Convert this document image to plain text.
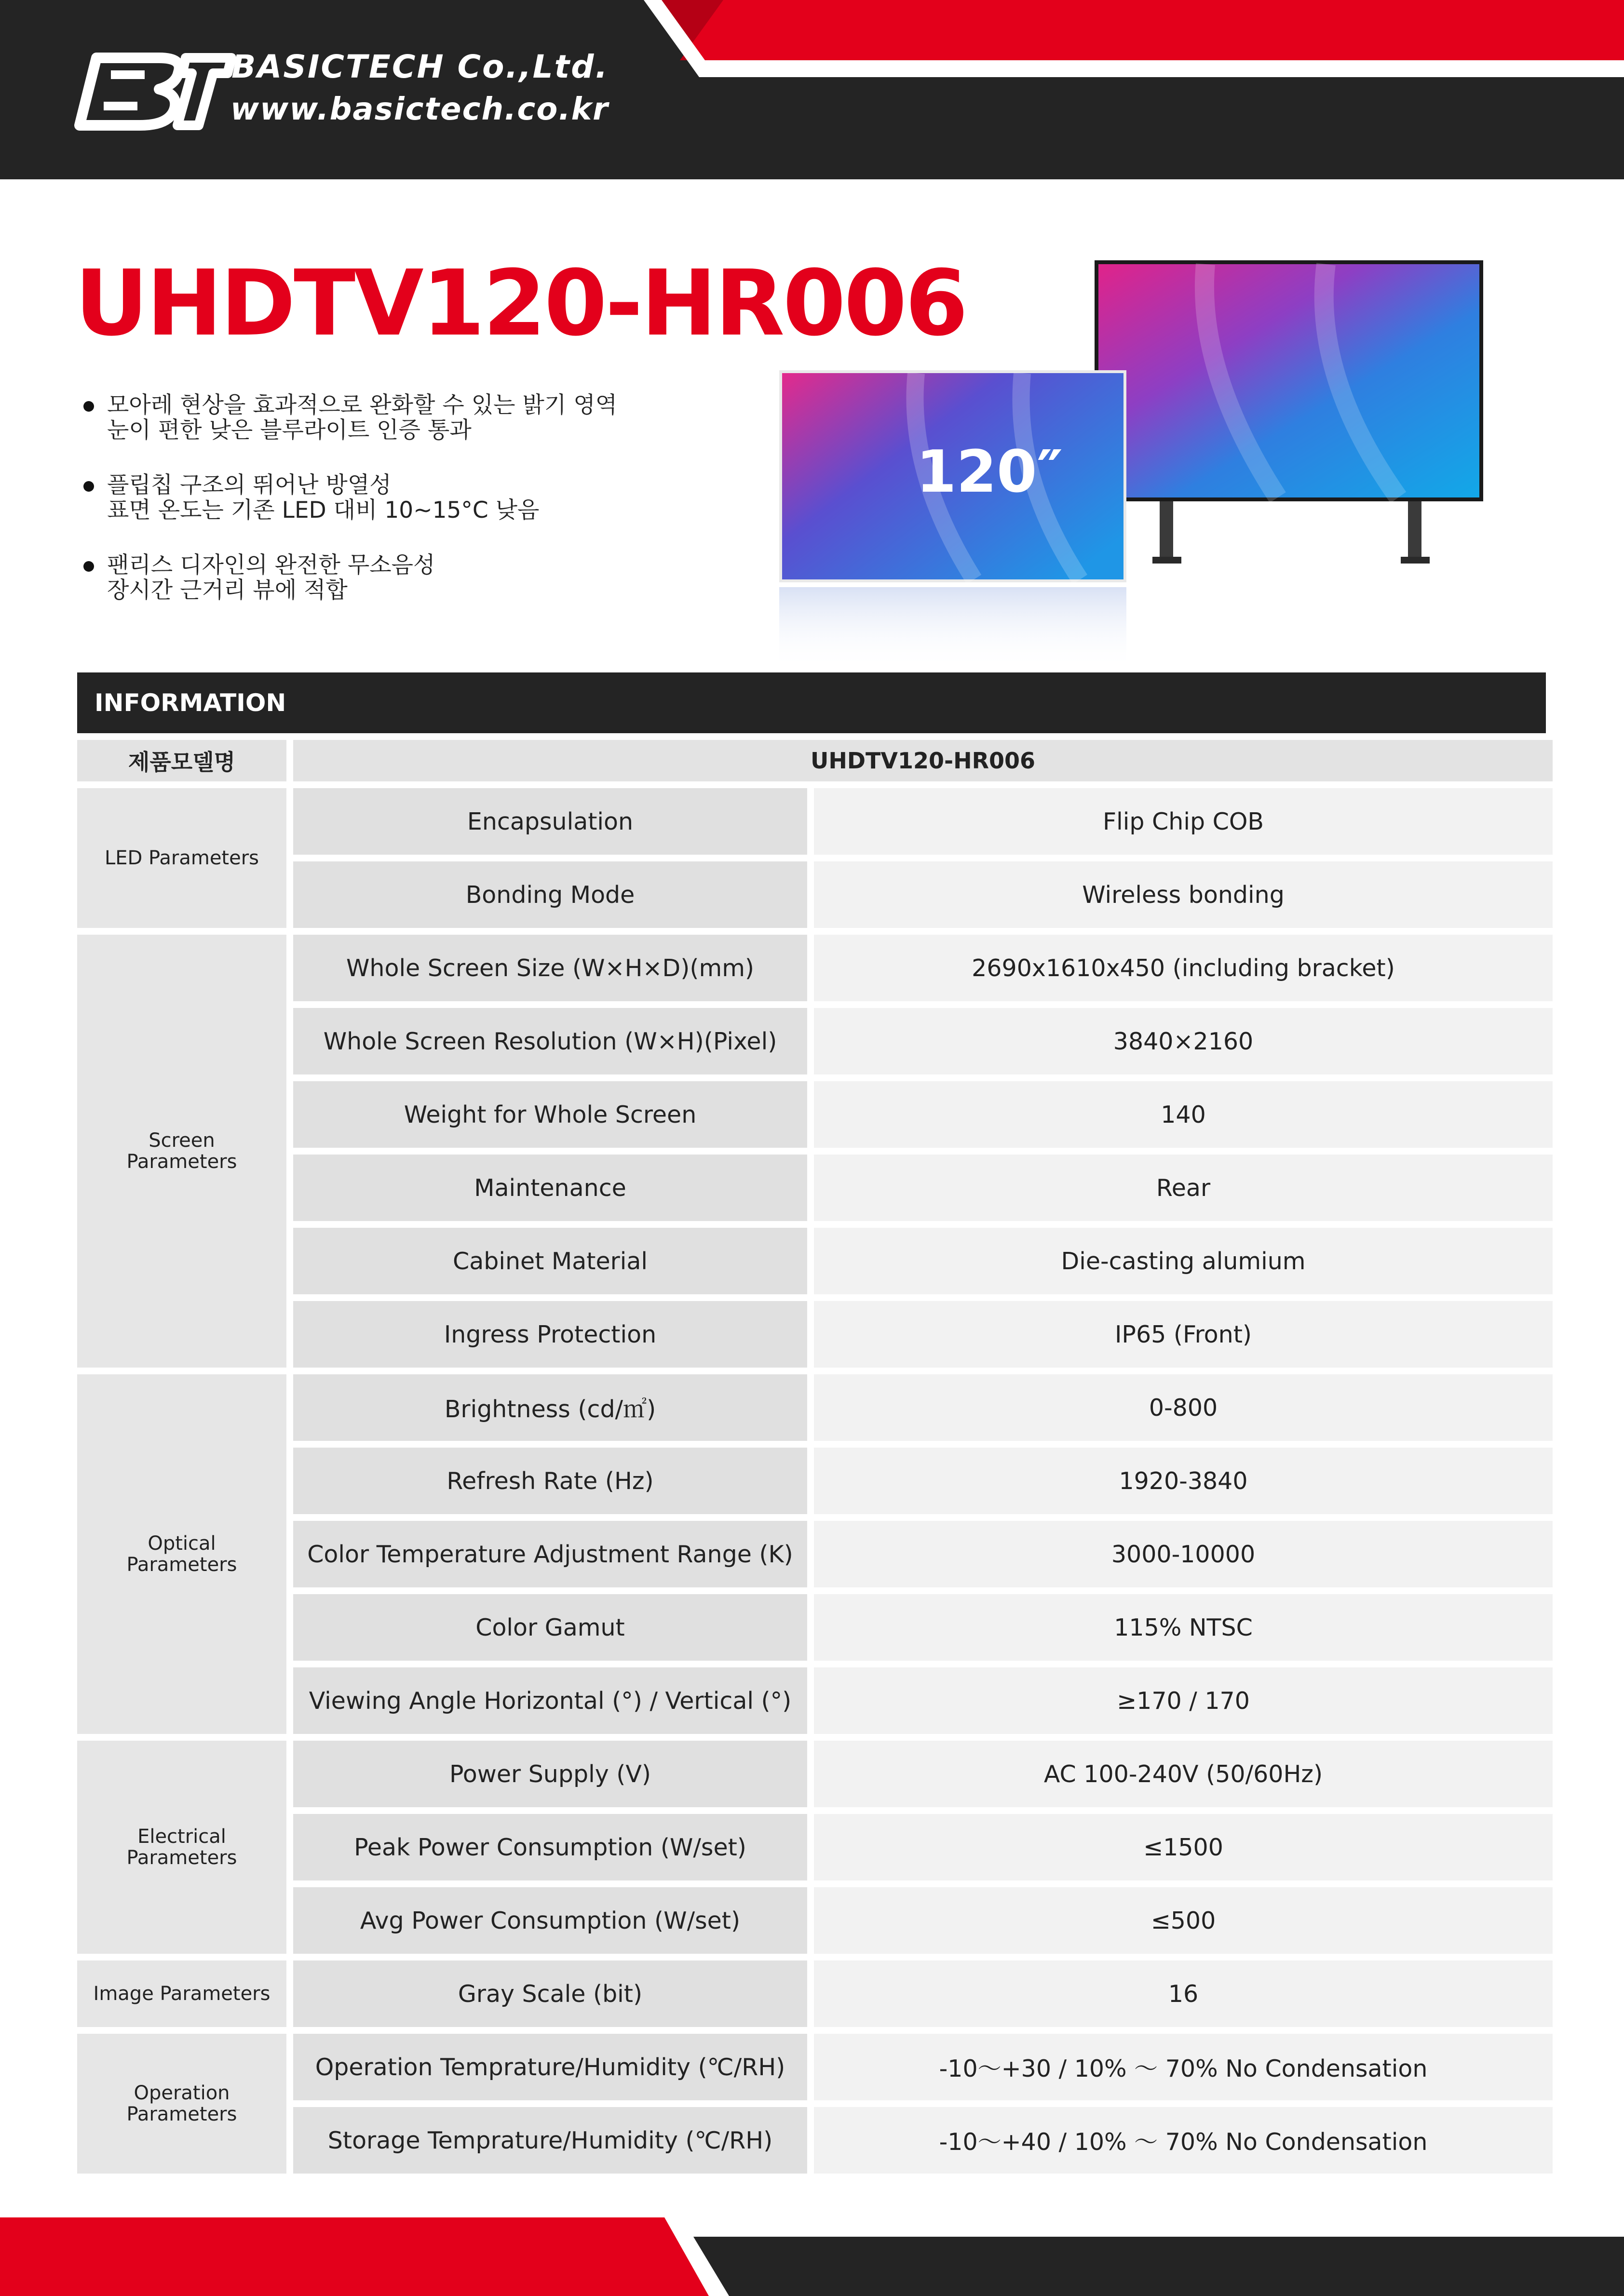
BASICTECH Co.,Ltd.
www.basictech.co.kr
UHDTV120-HR006
모아레 현상을 효과적으로 완화할 수 있는 밝기 영역
눈이 편한 낮은 블루라이트 인증 통과
플립칩 구조의 뛰어난 방열성
표면 온도는 기존 LED 대비 10~15°C 낮음
팬리스 디자인의 완전한 무소음성
장시간 근거리 뷰에 적합
120″
INFORMATION
제품모델명	UHDTV120-HR006	
LED Parameters	Encapsulation	Flip Chip COB
	Bonding Mode	Wireless bonding
Screen
Parameters	Whole Screen Size (W×H×D)(mm)	2690x1610x450 (including bracket)
	Whole Screen Resolution (W×H)(Pixel)	3840×2160
	Weight for Whole Screen	140
	Maintenance	Rear
	Cabinet Material	Die-casting alumium
	Ingress Protection	IP65 (Front)
Optical
Parameters	Brightness (cd/㎡)	0-800
	Refresh Rate (Hz)	1920-3840
	Color Temperature Adjustment Range (K)	3000-10000
	Color Gamut	115% NTSC
	Viewing Angle Horizontal (°) / Vertical (°)	≥170 / 170
Electrical
Parameters	Power Supply (V)	AC 100-240V (50/60Hz)
	Peak Power Consumption (W/set)	≤1500
	Avg Power Consumption (W/set)	≤500
Image Parameters	Gray Scale (bit)	16
Operation
Parameters	Operation Temprature/Humidity (℃/RH)	-10～+30 / 10% ～ 70% No Condensation
	Storage Temprature/Humidity (℃/RH)	-10～+40 / 10% ～ 70% No Condensation
